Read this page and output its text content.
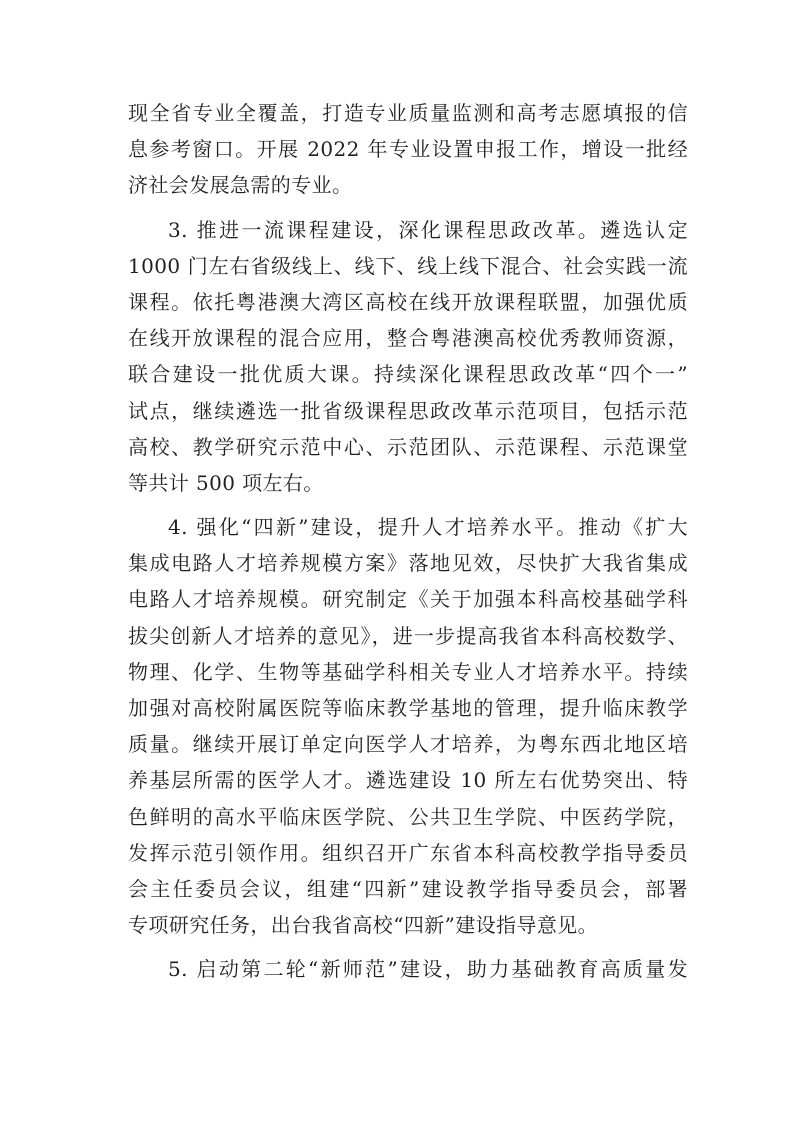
现全省专业全覆盖，打造专业质量监测和高考志愿填报的信
息参考窗口。开展 2022 年专业设置申报工作，增设一批经
济社会发展急需的专业。
3. 推进一流课程建设，深化课程思政改革。遴选认定
1000 门左右省级线上、线下、线上线下混合、社会实践一流
课程。依托粤港澳大湾区高校在线开放课程联盟，加强优质
在线开放课程的混合应用，整合粤港澳高校优秀教师资源，
联合建设一批优质大课。持续深化课程思政改革“四个一”
试点，继续遴选一批省级课程思政改革示范项目，包括示范
高校、教学研究示范中心、示范团队、示范课程、示范课堂
等共计 500 项左右。
4. 强化“四新”建设，提升人才培养水平。推动《扩大
集成电路人才培养规模方案》落地见效，尽快扩大我省集成
电路人才培养规模。研究制定《关于加强本科高校基础学科
拔尖创新人才培养的意见》，进一步提高我省本科高校数学、
物理、化学、生物等基础学科相关专业人才培养水平。持续
加强对高校附属医院等临床教学基地的管理，提升临床教学
质量。继续开展订单定向医学人才培养，为粤东西北地区培
养基层所需的医学人才。遴选建设 10 所左右优势突出、特
色鲜明的高水平临床医学院、公共卫生学院、中医药学院，
发挥示范引领作用。组织召开广东省本科高校教学指导委员
会主任委员会议，组建“四新”建设教学指导委员会，部署
专项研究任务，出台我省高校“四新”建设指导意见。
5. 启动第二轮“新师范”建设，助力基础教育高质量发
